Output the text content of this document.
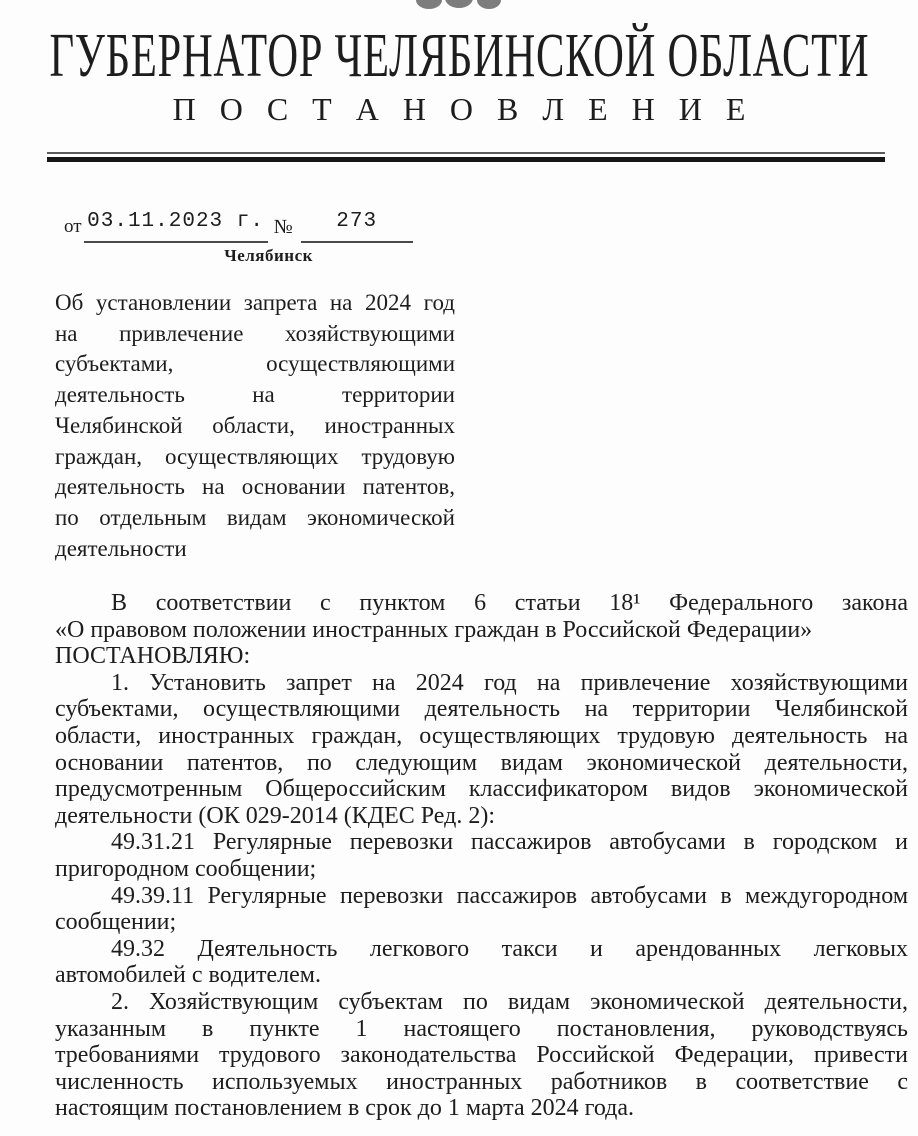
ГУБЕРНАТОР ЧЕЛЯБИНСКОЙ ОБЛАСТИ
П О С Т А Н О В Л Е Н И Е
от 03.11.2023 г.
Челябинск
№	273
Об установлении запрета на 2024 год
на привлечение хозяйствующими
субъектами, осуществляющими
деятельность на территории
Челябинской области, иностранных
граждан, осуществляющих трудовую
деятельность на основании патентов,
по отдельным видам экономической
деятельности
В соответствии с пунктом 6 статьи 18¹ Федерального закона
«О правовом положении иностранных граждан в Российской Федерации»
ПОСТАНОВЛЯЮ:
1. Установить запрет на 2024 год на привлечение хозяйствующими
субъектами, осуществляющими деятельность на территории Челябинской
области, иностранных граждан, осуществляющих трудовую деятельность на
основании патентов, по следующим видам экономической деятельности,
предусмотренным Общероссийским классификатором видов экономической
деятельности (ОК 029-2014 (КДЕС Ред. 2):
49.31.21 Регулярные перевозки пассажиров автобусами в городском и
пригородном сообщении;
49.39.11 Регулярные перевозки пассажиров автобусами в междугородном
сообщении;
49.32 Деятельность легкового такси и арендованных легковых
автомобилей с водителем.
2. Хозяйствующим субъектам по видам экономической деятельности,
указанным в пункте 1 настоящего постановления, руководствуясь
требованиями трудового законодательства Российской Федерации, привести
численность используемых иностранных работников в соответствие с
настоящим постановлением в срок до 1 марта 2024 года.
